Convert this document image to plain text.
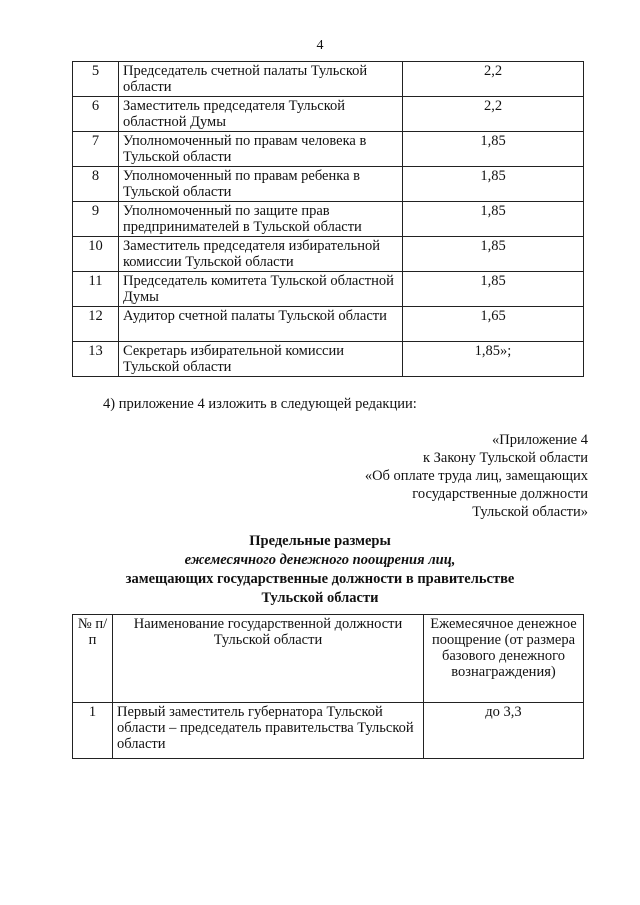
4
5	Председатель счетной палаты Тульской области	2,2
6	Заместитель председателя Тульской областной Думы	2,2
7	Уполномоченный по правам человека в Тульской области	1,85
8	Уполномоченный по правам ребенка в Тульской области	1,85
9	Уполномоченный по защите прав предпринимателей в Тульской области	1,85
10	Заместитель председателя избирательной комиссии Тульской области	1,85
11	Председатель комитета Тульской областной Думы	1,85
12	Аудитор счетной палаты Тульской области	1,65
13	Секретарь избирательной комиссии Тульской области	1,85»;
4) приложение 4 изложить в следующей редакции:
«Приложение 4
к Закону Тульской области
«Об оплате труда лиц, замещающих
государственные должности
Тульской области»
Предельные размеры
ежемесячного денежного поощрения лиц,
замещающих государственные должности в правительстве
Тульской области
№ п/п	Наименование государственной должности Тульской области	Ежемесячное денежное поощрение (от размера базового денежного вознаграждения)
1	Первый заместитель губернатора Тульской области – председатель правительства Тульской области	до 3,3
